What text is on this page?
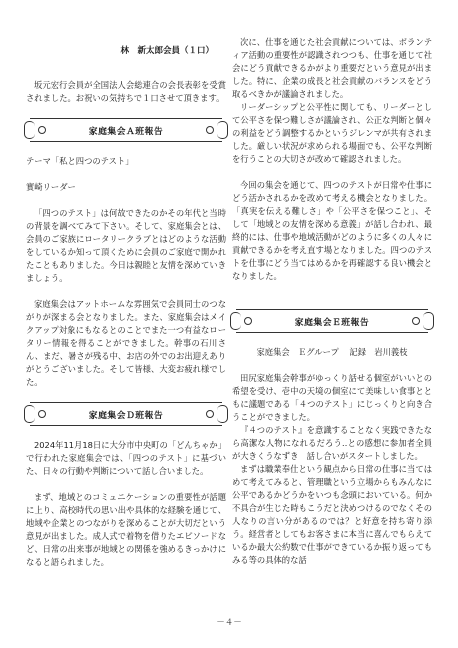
林　新太郎会員（１口）

坂元宏行会員が全国法人会総連合の会長表彰を受賞されました。お祝いの気持ちで１口させて頂きます。

家庭集会Ａ班報告

テーマ「私と四つのテスト」

實崎リーダー

「四つのテスト」は何故できたのかその年代と当時の背景を調べてみて下さい。そして、家庭集会とは、会員のご家族にロータリークラブとはどのような活動をしているか知って頂くために会員のご家庭で開かれたこともありました。今日は親睦と友情を深めていきましょう。

家庭集会はアットホームな雰囲気で会員同士のつながりが深まる会となりました。また、家庭集会はメイクアップ対象にもなるとのことでまた一つ有益なロータリー情報を得ることができました。幹事の石川さん、まだ、暑さが残る中、お店の外でのお出迎えありがとうございました。そして皆様、大変お疲れ様でした。

家庭集会Ｄ班報告

2024年11月18日に大分市中央町の「どんちゃか」で行われた家庭集会では、「四つのテスト」に基づいた、日々の行動や判断について話し合いました。

まず、地域とのコミュニケーションの重要性が話題に上り、高校時代の思い出や具体的な経験を通じて、地域や企業とのつながりを深めることが大切だという意見が出ました。成人式で着物を借りたエピソードなど、日常の出来事が地域との関係を強めるきっかけになると語られました。

次に、仕事を通じた社会貢献については、ボランティア活動の重要性が認識されつつも、仕事を通じて社会にどう貢献できるかがより重要だという意見が出ました。特に、企業の成長と社会貢献のバランスをどう取るべきかが議論されました。

リーダーシップと公平性に関しても、リーダーとして公平さを保つ難しさが議論され、公正な判断と個々の利益をどう調整するかというジレンマが共有されました。厳しい状況が求められる場面でも、公平な判断を行うことの大切さが改めて確認されました。

今回の集会を通じて、四つのテストが日常や仕事にどう活かされるかを改めて考える機会となりました。「真実を伝える難しさ」や「公平さを保つこと」、そして「地域との友情を深める意義」が話し合われ、最終的には、仕事や地域活動がどのように多くの人々に貢献できるかを考え直す場となりました。四つのテストを仕事にどう当てはめるかを再確認する良い機会となりました。

家庭集会Ｅ班報告

家庭集会　Ｅグループ 記録　岩川義枝

田尻家庭集会幹事がゆっくり話せる個室がいいとの希望を受け、壱中の天境の個室にて美味しい食事とともに議題である「４つのテスト」にじっくりと向き合うことができました。

『４つのテスト』を意識することなく実践できたなら高潔な人物になれるだろう‥との感想に参加者全員が大きくうなずき　話し合いがスタートしました。

まずは職業奉仕という観点から日常の仕事に当てはめて考えてみると、管理職という立場からもみんなに公平であるかどうかをいつも念頭においている。何か不具合が生じた時もこうだと決めつけるのでなくその人なりの言い分があるのでは？と好意を持ち寄り添う。経営者としてもお客さまに本当に喜んでもらえているか最大公約数で仕事ができているか振り返ってもみる等の具体的な話

－４－
